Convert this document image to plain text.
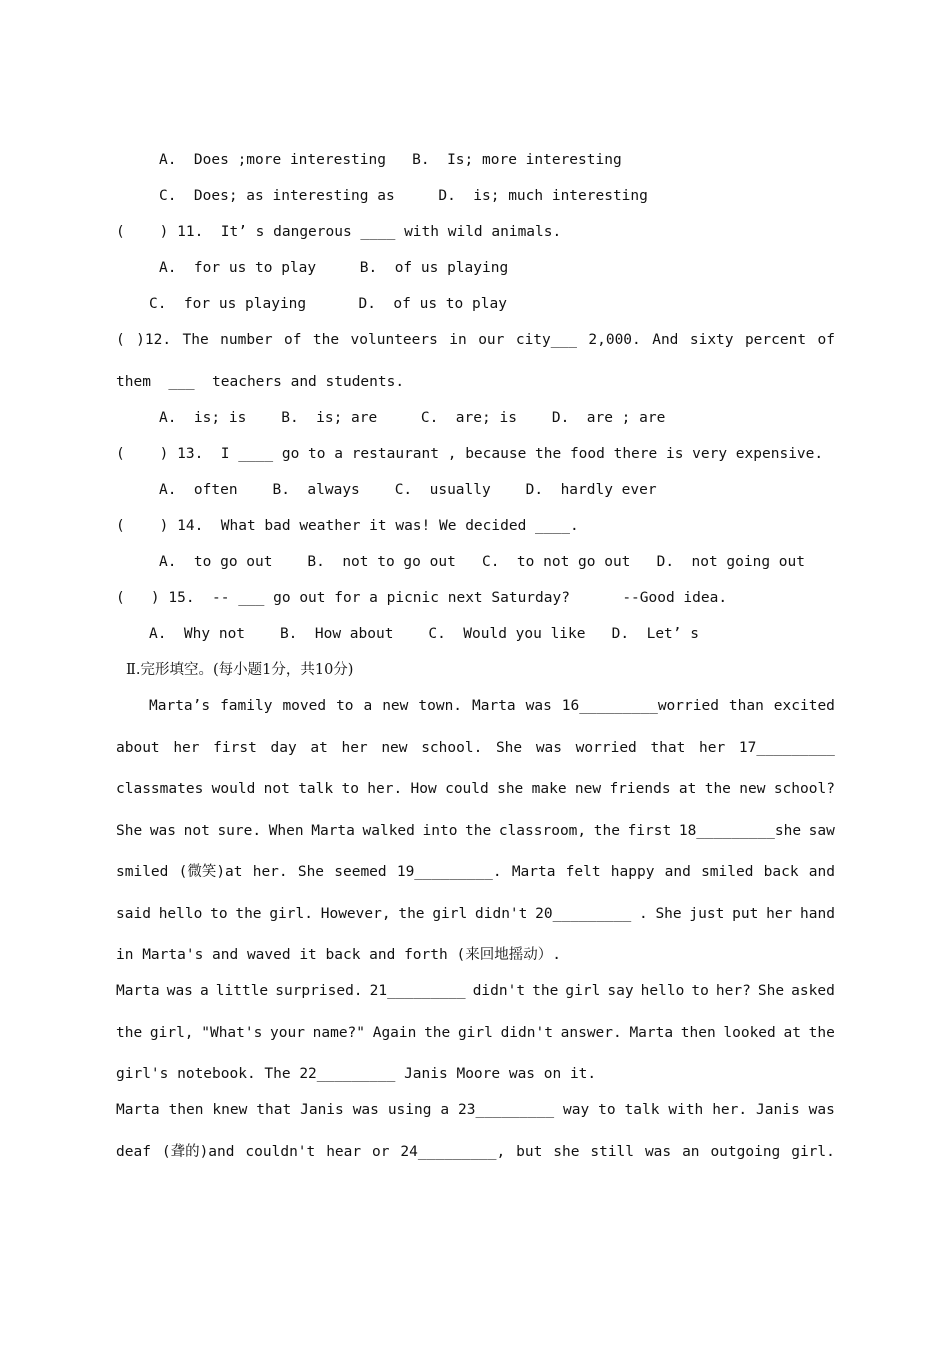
A.  Does ;more interesting   B.  Is; more interesting
C.  Does; as interesting as     D.  is; much interesting
(    ) 11.  It’ s dangerous ____ with wild animals.
A.  for us to play     B.  of us playing
C.  for us playing      D.  of us to play
( )12. The number of the volunteers in our city___ 2,000. And sixty percent of
them  ___  teachers and students.
A.  is; is    B.  is; are     C.  are; is    D.  are ; are
(    ) 13.  I ____ go to a restaurant , because the food there is very expensive.
A.  often    B.  always    C.  usually    D.  hardly ever
(    ) 14.  What bad weather it was! We decided ____.
A.  to go out    B.  not to go out   C.  to not go out   D.  not going out
(   ) 15.  -- ___ go out for a picnic next Saturday?      --Good idea.
A.  Why not    B.  How about    C.  Would you like   D.  Let’ s
Ⅱ.完形填空。(每小题1分，共10分)
Marta’s family moved to a new town. Marta was 16_________worried than excited
about her first day at her new school. She was worried that her 17_________
classmates would not talk to her. How could she make new friends at the new school?
She was not sure. When Marta walked into the classroom, the first 18_________she saw
smiled (微笑)at her. She seemed 19_________. Marta felt happy and smiled back and
said hello to the girl. However, the girl didn't 20_________ . She just put her hand
in Marta's and waved it back and forth (来回地摇动）.
Marta was a little surprised. 21_________ didn't the girl say hello to her? She asked
the girl, "What's your name?" Again the girl didn't answer. Marta then looked at the
girl's notebook. The 22_________ Janis Moore was on it.
Marta then knew that Janis was using a 23_________ way to talk with her. Janis was
deaf (聋的)and couldn't hear or 24_________, but she still was an outgoing girl.
